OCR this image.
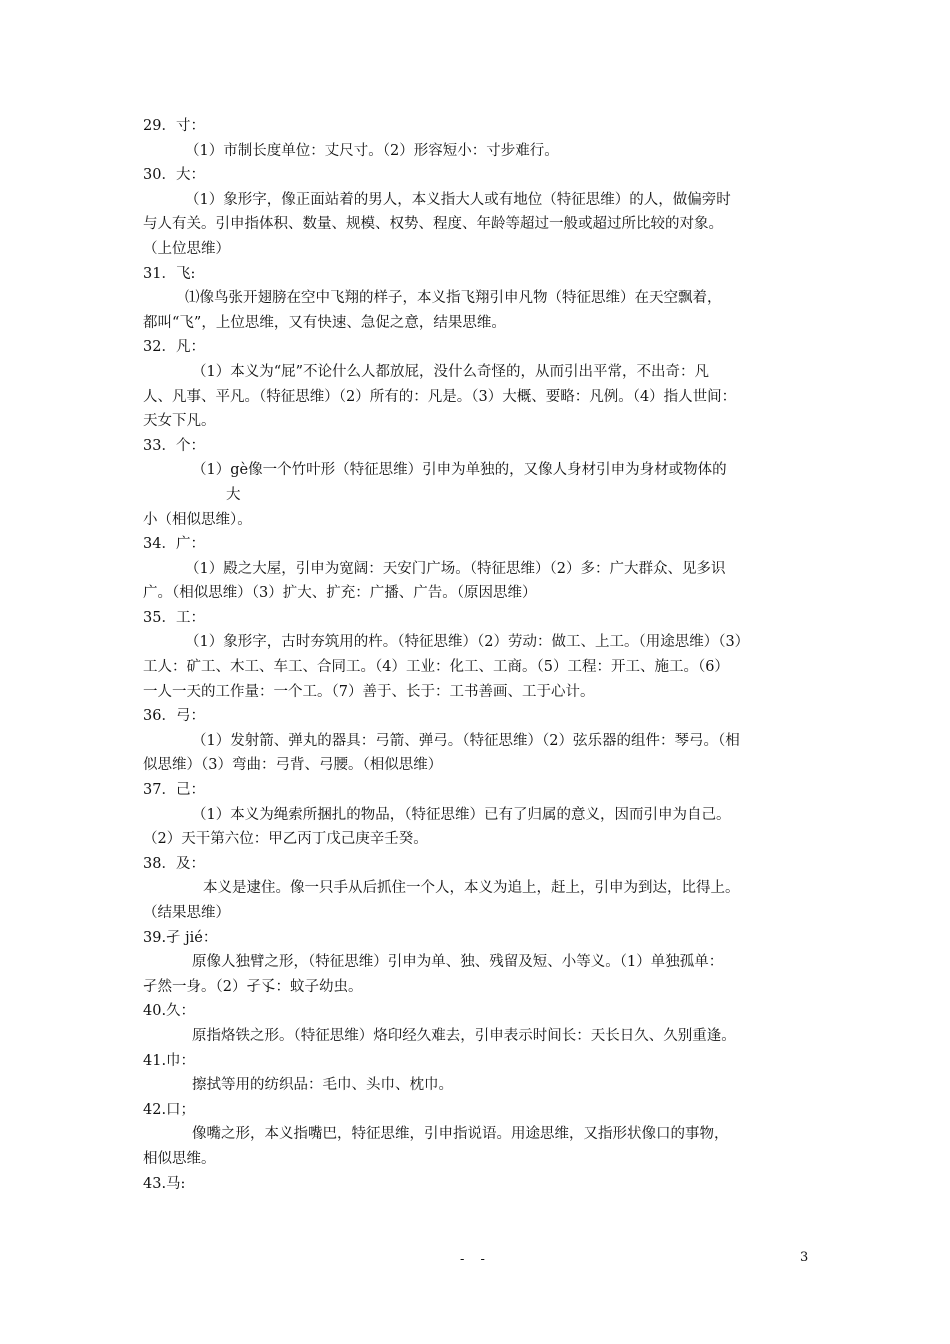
29．寸：
（1）市制长度单位：丈尺寸。（2）形容短小：寸步难行。
30．大：
（1）象形字，像正面站着的男人，本义指大人或有地位（特征思维）的人，做偏旁时
与人有关。引申指体积、数量、规模、权势、程度、年龄等超过一般或超过所比较的对象。
（上位思维）
31．飞:
⑴像鸟张开翅膀在空中飞翔的样子，本义指飞翔引申凡物（特征思维）在天空飘着，
都叫“飞”，上位思维，又有快速、急促之意，结果思维。
32．凡：
（1）本义为“屁”不论什么人都放屁，没什么奇怪的，从而引出平常，不出奇：凡
人、凡事、平凡。（特征思维）（2）所有的：凡是。（3）大概、要略：凡例。（4）指人世间：
天女下凡。
33．个：
（1）gè像一个竹叶形（特征思维）引申为单独的，又像人身材引申为身材或物体的
大
小（相似思维）。
34．广：
（1）殿之大屋，引申为宽阔：天安门广场。（特征思维）（2）多：广大群众、见多识
广。（相似思维）（3）扩大、扩充：广播、广告。（原因思维）
35．工：
（1）象形字，古时夯筑用的杵。（特征思维）（2）劳动：做工、上工。（用途思维）（3）
工人：矿工、木工、车工、合同工。（4）工业：化工、工商。（5）工程：开工、施工。（6）
一人一天的工作量：一个工。（7）善于、长于：工书善画、工于心计。
36．弓：
（1）发射箭、弹丸的器具：弓箭、弹弓。（特征思维）（2）弦乐器的组件：琴弓。（相
似思维）（3）弯曲：弓背、弓腰。（相似思维）
37．己：
（1）本义为绳索所捆扎的物品，（特征思维）已有了归属的意义，因而引申为自己。
（2）天干第六位：甲乙丙丁戊己庚辛壬癸。
38．及：
本义是逮住。像一只手从后抓住一个人，本义为追上，赶上，引申为到达，比得上。
（结果思维）
39.孑 jié：
原像人独臂之形，（特征思维）引申为单、独、残留及短、小等义。（1）单独孤单：
孑然一身。（2）孑孓：蚊子幼虫。
40.久：
原指烙铁之形。（特征思维）烙印经久难去，引申表示时间长：天长日久、久别重逢。
41.巾：
擦拭等用的纺织品：毛巾、头巾、枕巾。
42.口；
像嘴之形，本义指嘴巴，特征思维，引申指说语。用途思维，又指形状像口的事物，
相似思维。
43.马:
- -	3
